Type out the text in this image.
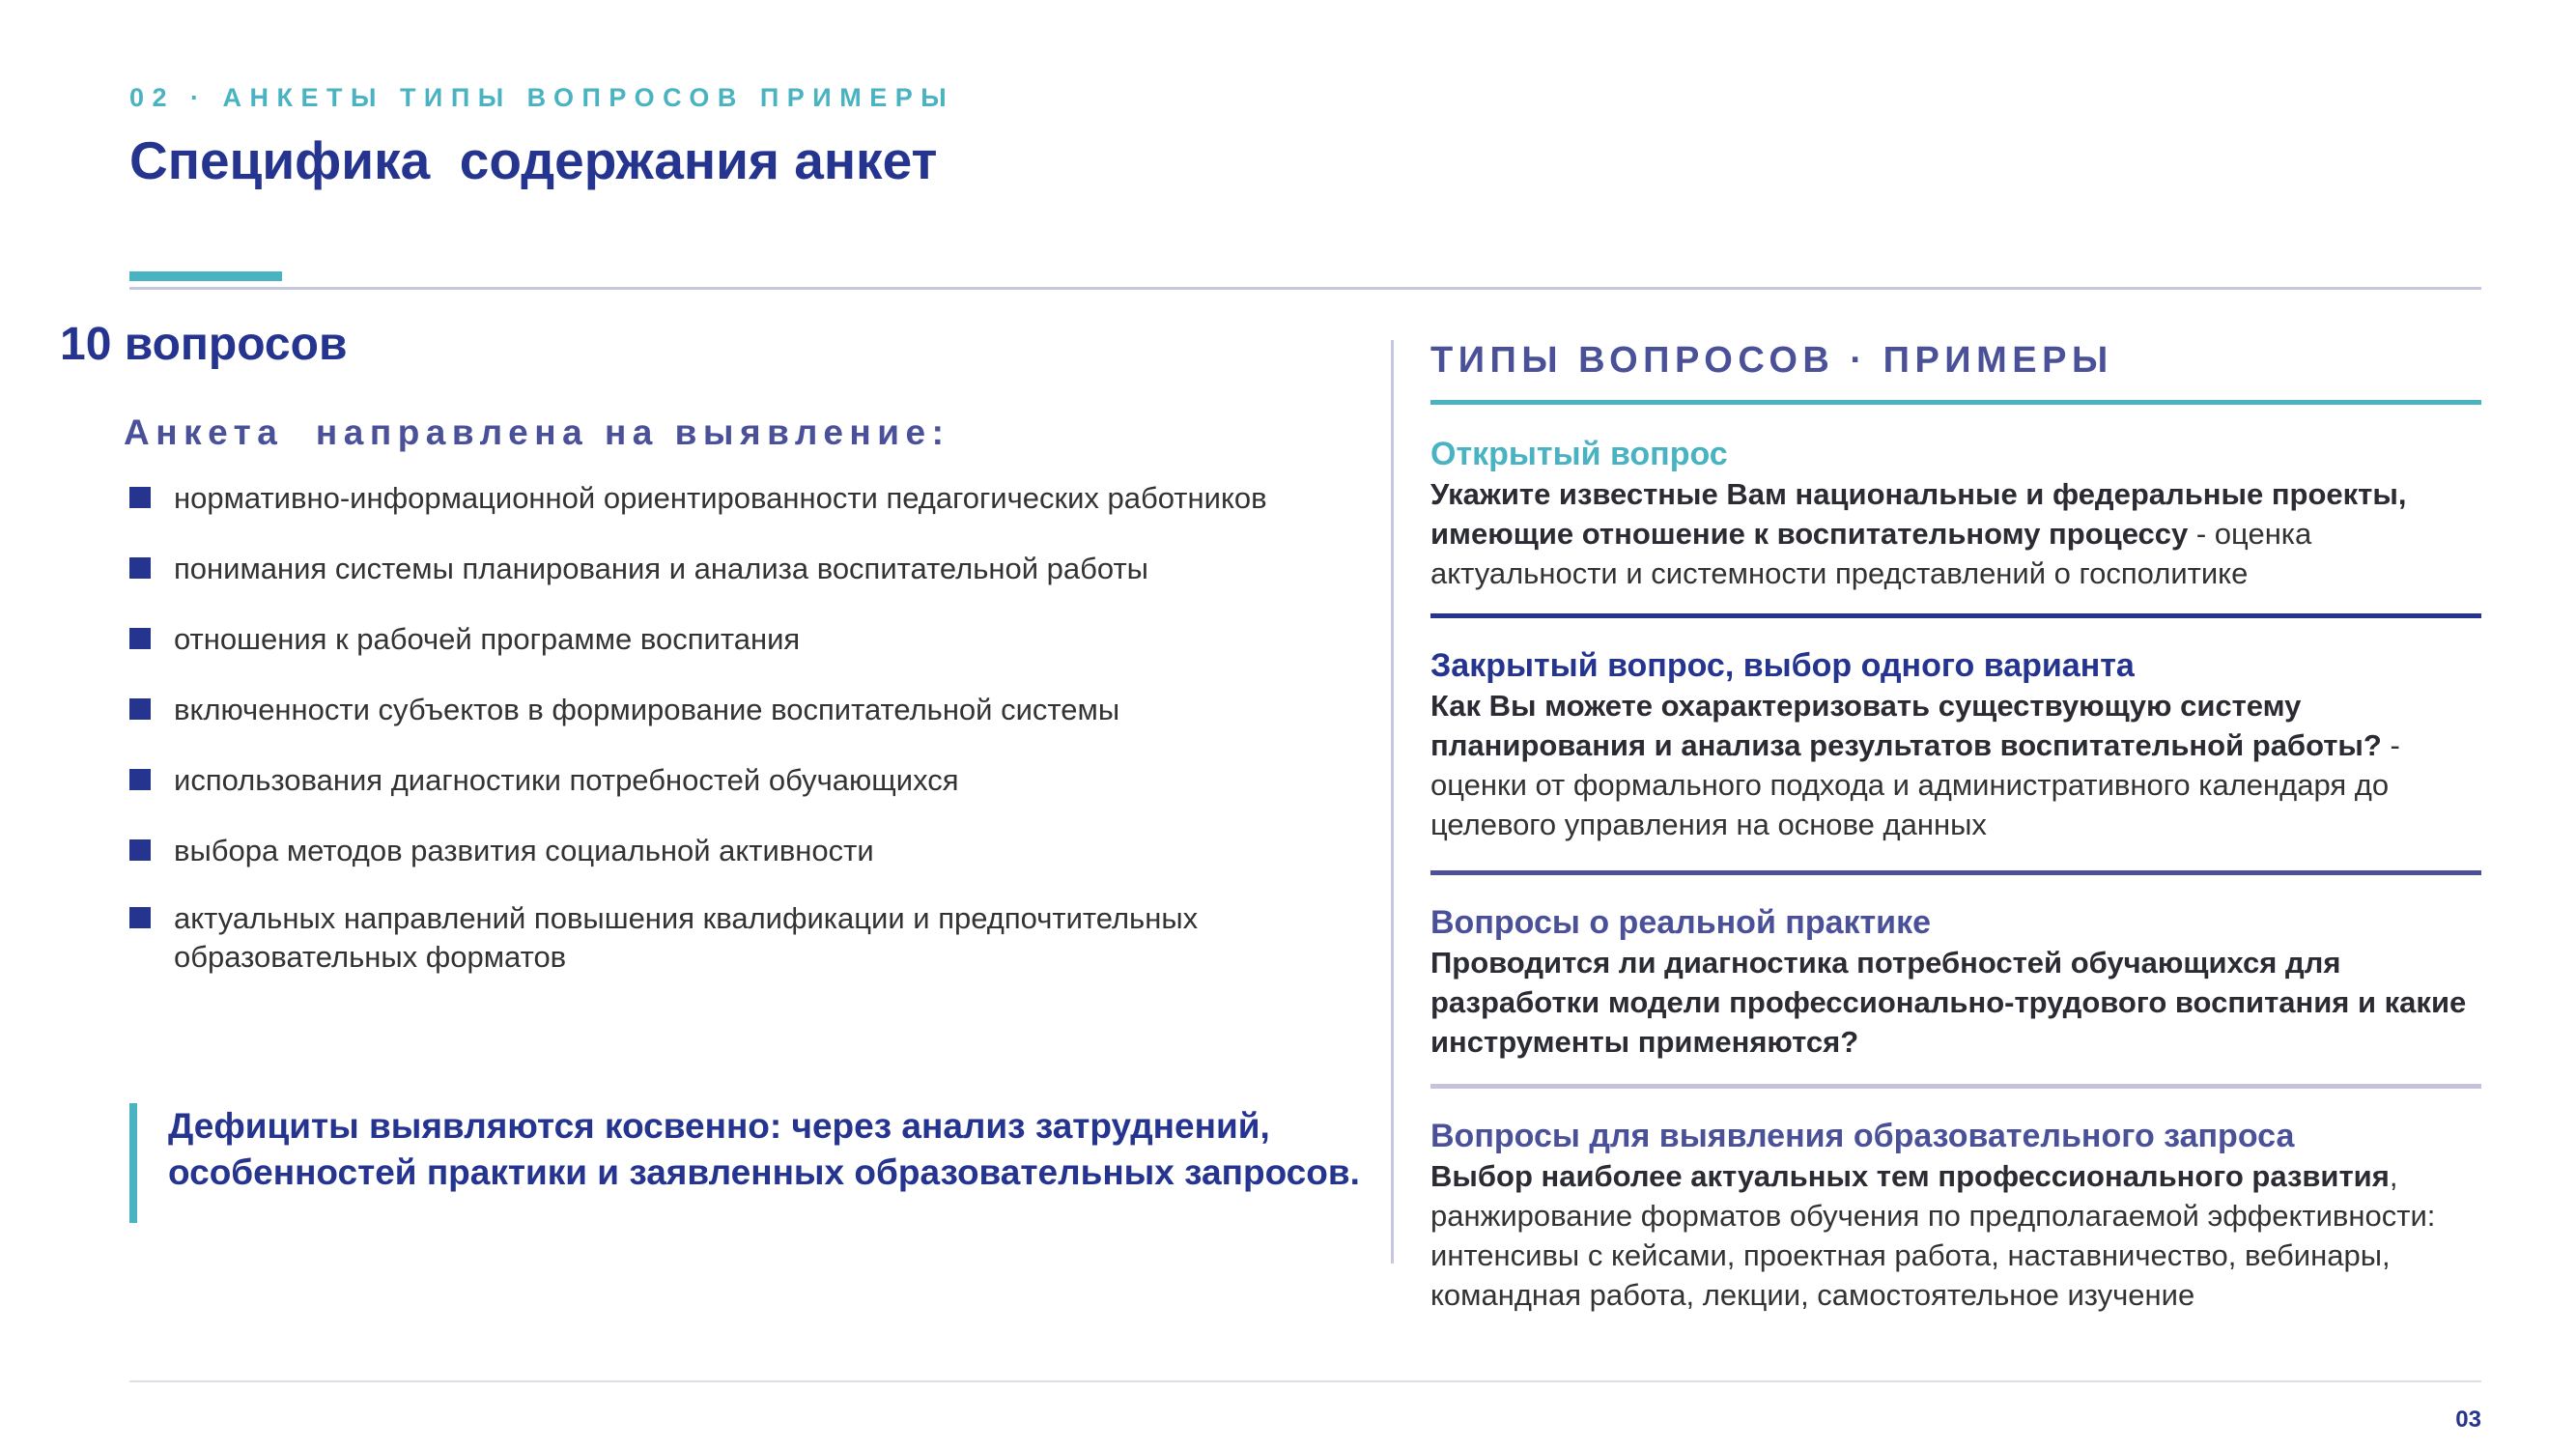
02 · АНКЕТЫ ТИПЫ ВОПРОСОВ ПРИМЕРЫ
Специфика  содержания анкет
10 вопросов
Анкета  направлена на выявление:
нормативно-информационной ориентированности педагогических работников
понимания системы планирования и анализа воспитательной работы
отношения к рабочей программе воспитания
включенности субъектов в формирование воспитательной системы
использования диагностики потребностей обучающихся
выбора методов развития социальной активности
актуальных направлений повышения квалификации и предпочтительных образовательных форматов
Дефициты выявляются косвенно: через анализ затруднений, особенностей практики и заявленных образовательных запросов.
ТИПЫ ВОПРОСОВ · ПРИМЕРЫ
Открытый вопрос
Укажите известные Вам национальные и федеральные проекты, имеющие отношение к воспитательному процессу - оценка актуальности и системности представлений о госполитике
Закрытый вопрос, выбор одного варианта
Как Вы можете охарактеризовать существующую систему планирования и анализа результатов воспитательной работы? - оценки от формального подхода и административного календаря до целевого управления на основе данных
Вопросы о реальной практике
Проводится ли диагностика потребностей обучающихся для разработки модели профессионально-трудового воспитания и какие инструменты применяются?
Вопросы для выявления образовательного запроса
Выбор наиболее актуальных тем профессионального развития, ранжирование форматов обучения по предполагаемой эффективности: интенсивы с кейсами, проектная работа, наставничество, вебинары, командная работа, лекции, самостоятельное изучение
03
